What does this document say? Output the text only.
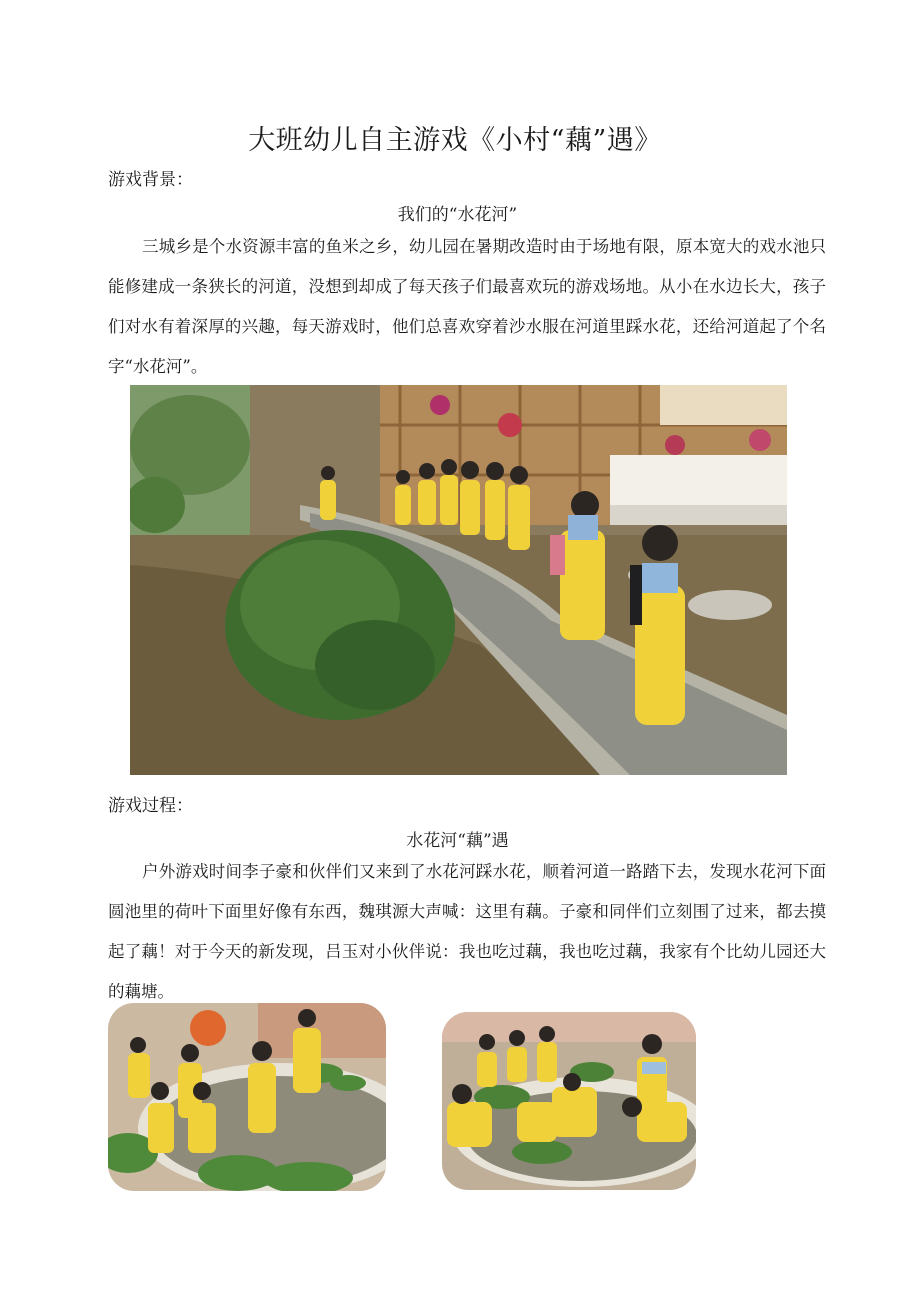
大班幼儿自主游戏《小村“藕”遇》
游戏背景：
我们的“水花河”

三城乡是个水资源丰富的鱼米之乡，幼儿园在暑期改造时由于场地有限，原本宽大的戏水池只能修建成一条狭长的河道，没想到却成了每天孩子们最喜欢玩的游戏场地。从小在水边长大，孩子们对水有着深厚的兴趣，每天游戏时，他们总喜欢穿着沙水服在河道里踩水花，还给河道起了个名字“水花河”。

游戏过程：
水花河“藕”遇

户外游戏时间李子豪和伙伴们又来到了水花河踩水花，顺着河道一路踏下去，发现水花河下面圆池里的荷叶下面里好像有东西，魏琪源大声喊：这里有藕。子豪和同伴们立刻围了过来，都去摸起了藕！对于今天的新发现，吕玉对小伙伴说：我也吃过藕，我也吃过藕，我家有个比幼儿园还大的藕塘。
